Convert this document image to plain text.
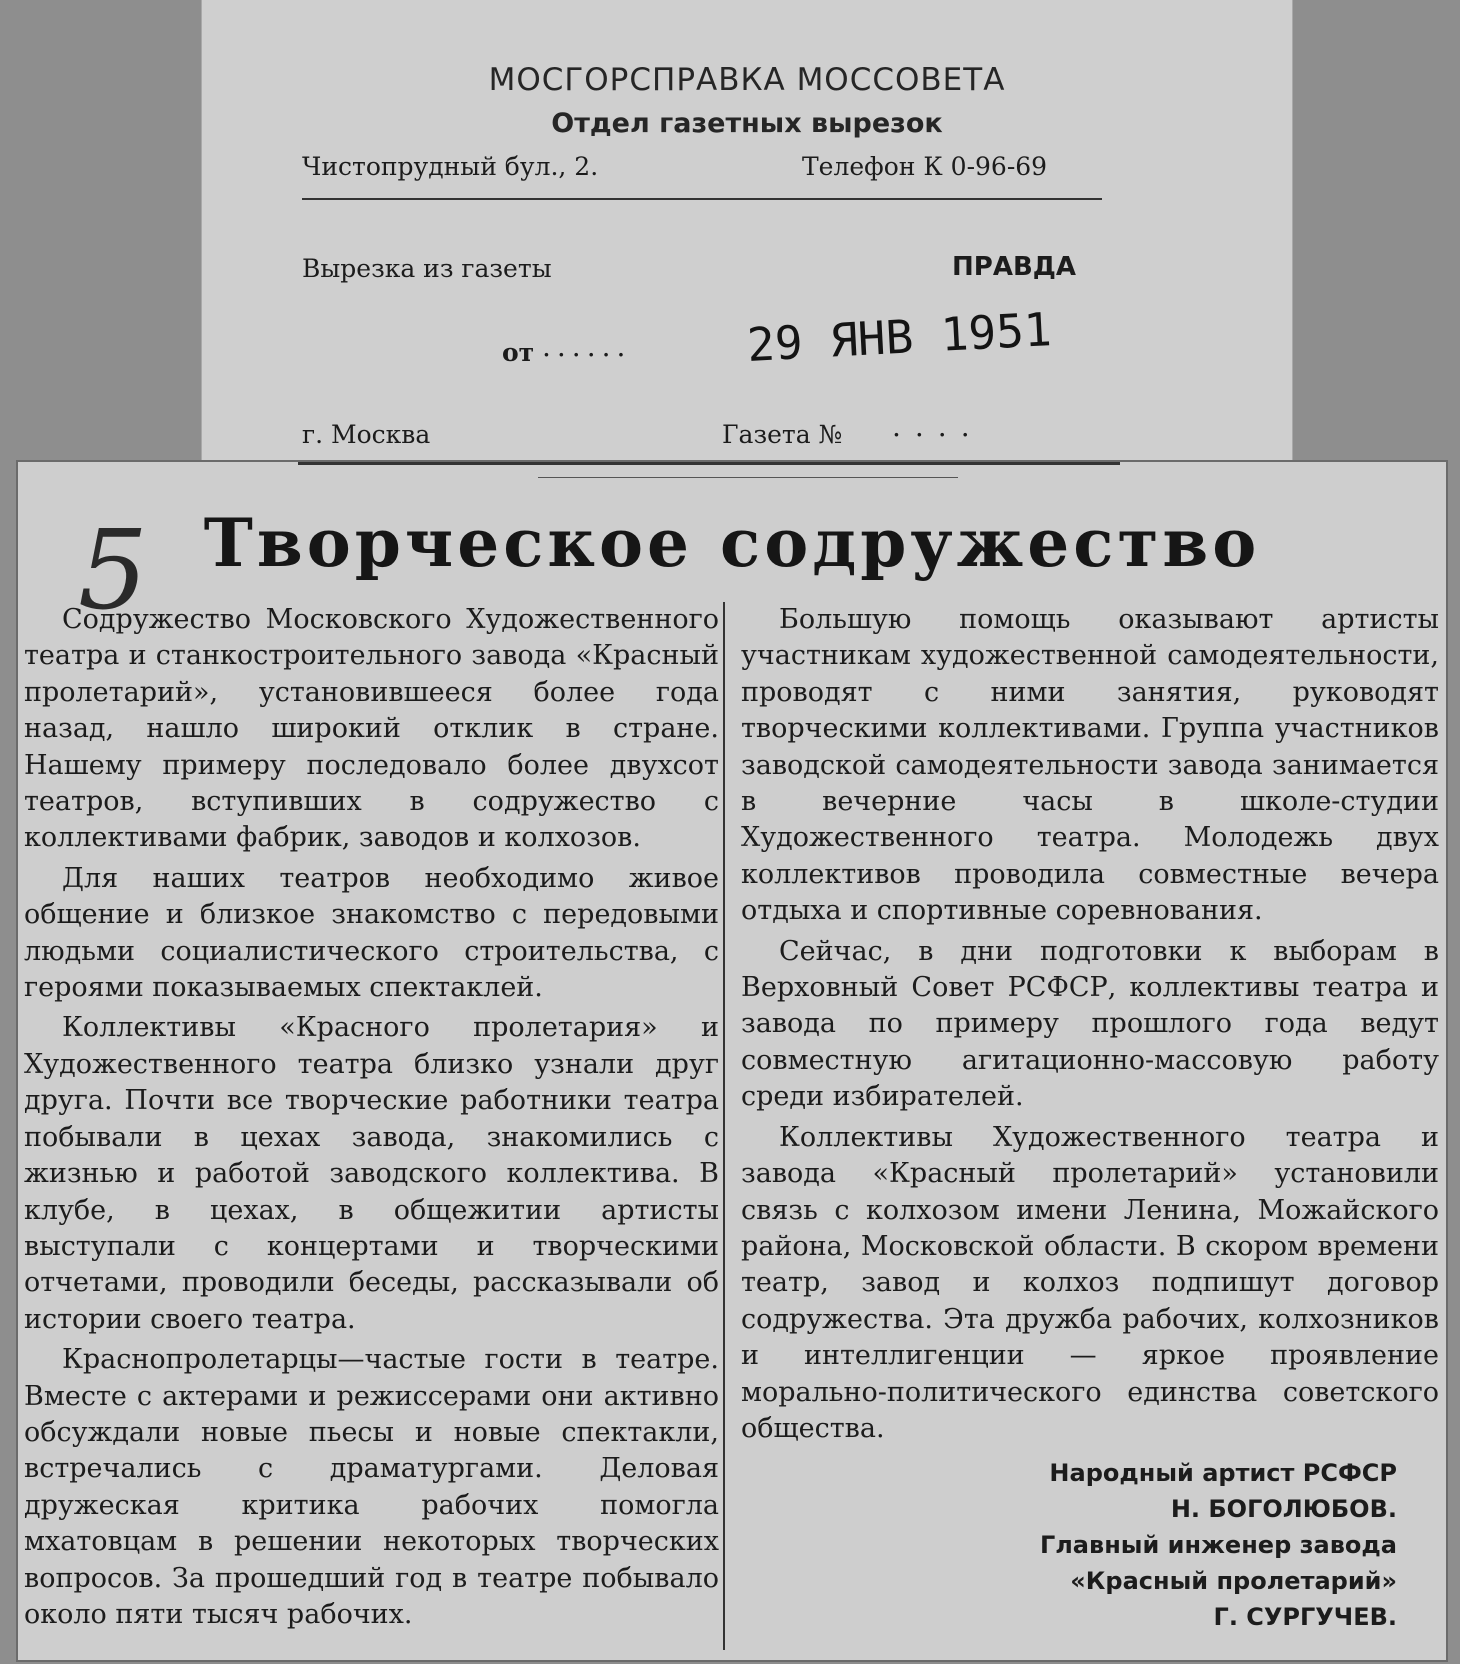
МОСГОРСПРАВКА МОССОВЕТА
Отдел газетных вырезок
Чистопрудный бул., 2.	Телефон К 0-96-69
Вырезка из газеты	ПРАВДА
от ...... 29 ЯНВ 1951
г. Москва	Газета № ....
5 Творческое содружество

Содружество Московского Художественного театра и станкостроительного завода «Красный пролетарий», установившееся более года назад, нашло широкий отклик в стране. Нашему примеру последовало более двухсот театров, вступивших в содружество с коллективами фабрик, заводов и колхозов.

Для наших театров необходимо живое общение и близкое знакомство с передовыми людьми социалистического строительства, с героями показываемых спектаклей.

Коллективы «Красного пролетария» и Художественного театра близко узнали друг друга. Почти все творческие работники театра побывали в цехах завода, знакомились с жизнью и работой заводского коллектива. В клубе, в цехах, в общежитии артисты выступали с концертами и творческими отчетами, проводили беседы, рассказывали об истории своего театра.

Краснопролетарцы—частые гости в театре. Вместе с актерами и режиссерами они активно обсуждали новые пьесы и новые спектакли, встречались с драматургами. Деловая дружеская критика рабочих помогла мхатовцам в решении некоторых творческих вопросов. За прошедший год в театре побывало около пяти тысяч рабочих.

Большую помощь оказывают артисты участникам художественной самодеятельности, проводят с ними занятия, руководят творческими коллективами. Группа участников заводской самодеятельности завода занимается в вечерние часы в школе-студии Художественного театра. Молодежь двух коллективов проводила совместные вечера отдыха и спортивные соревнования.

Сейчас, в дни подготовки к выборам в Верховный Совет РСФСР, коллективы театра и завода по примеру прошлого года ведут совместную агитационно-массовую работу среди избирателей.

Коллективы Художественного театра и завода «Красный пролетарий» установили связь с колхозом имени Ленина, Можайского района, Московской области. В скором времени театр, завод и колхоз подпишут договор содружества. Эта дружба рабочих, колхозников и интеллигенции — яркое проявление морально-политического единства советского общества.

Народный артист РСФСР
Н. БОГОЛЮБОВ.
Главный инженер завода
«Красный пролетарий»
Г. СУРГУЧЕВ.
